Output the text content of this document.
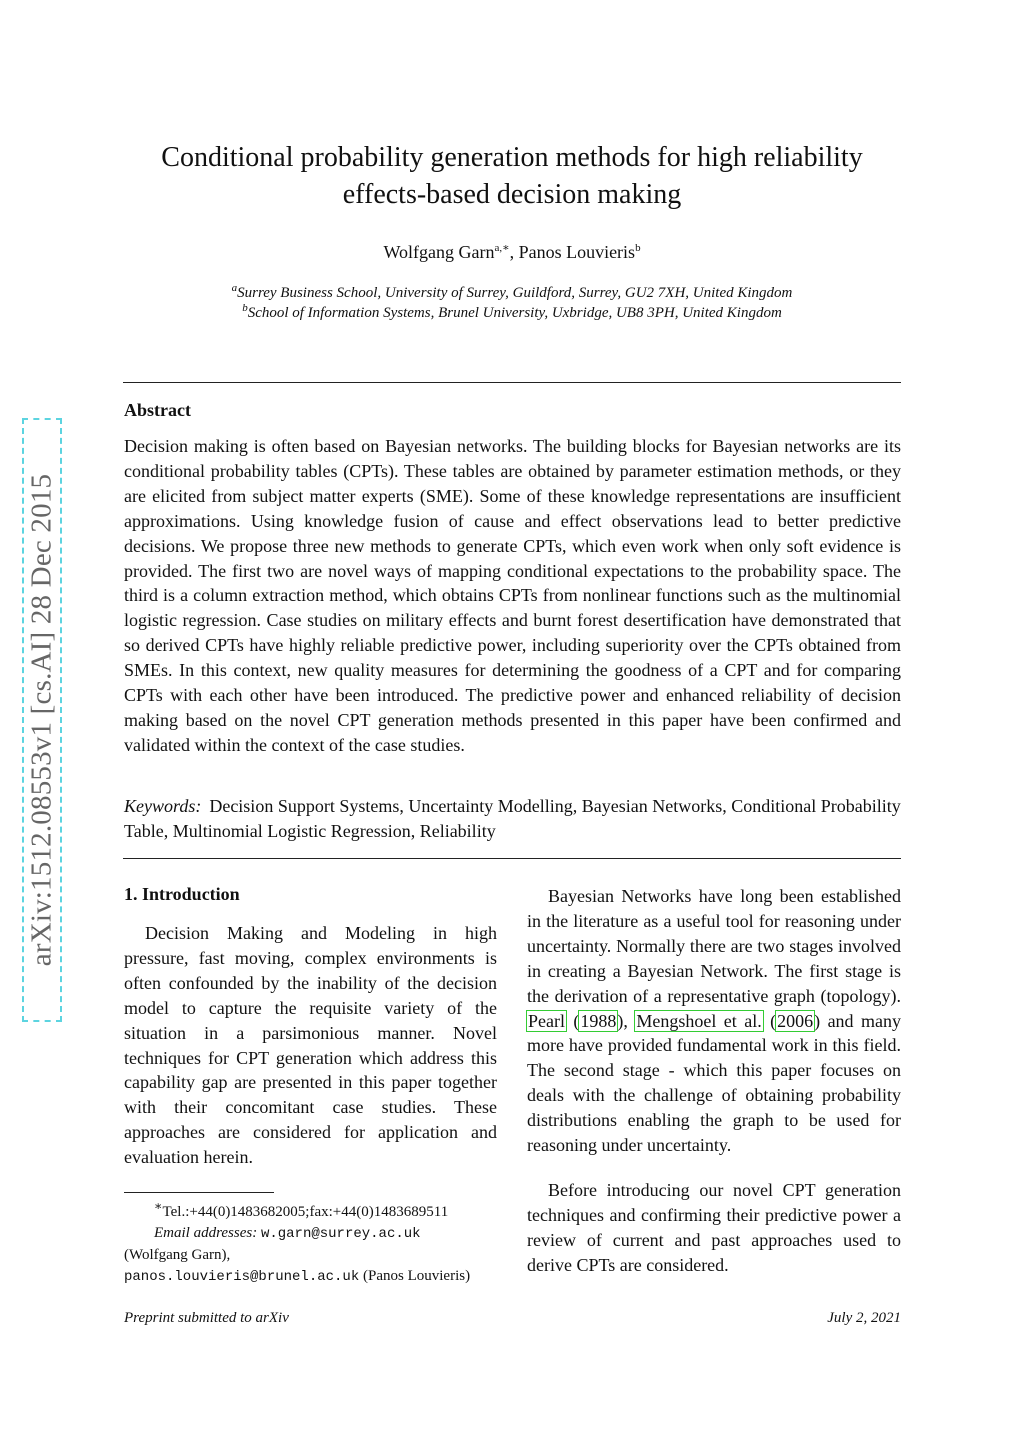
arXiv:1512.08553v1 [cs.AI] 28 Dec 2015
Conditional probability generation methods for high reliability
effects-based decision making
Wolfgang Garn$^{a,∗}$, Panos Louvieris$^b$
$^a$Surrey Business School, University of Surrey, Guildford, Surrey, GU2 7XH, United Kingdom
$^b$School of Information Systems, Brunel University, Uxbridge, UB8 3PH, United Kingdom
Abstract

Decision making is often based on Bayesian networks. The building blocks for Bayesian networks are its conditional probability tables (CPTs). These tables are obtained by parameter estimation methods, or they are elicited from subject matter experts (SME). Some of these knowledge representations are insufficient approximations. Using knowledge fusion of cause and effect observations lead to better predictive decisions. We propose three new methods to generate CPTs, which even work when only soft evidence is provided. The first two are novel ways of mapping conditional expectations to the probability space. The third is a column extraction method, which obtains CPTs from nonlinear functions such as the multinomial logistic regression. Case studies on military effects and burnt forest desertification have demonstrated that so derived CPTs have highly reliable predictive power, including superiority over the CPTs obtained from SMEs. In this context, new quality measures for determining the goodness of a CPT and for comparing CPTs with each other have been introduced. The predictive power and enhanced reliability of decision making based on the novel CPT generation methods presented in this paper have been confirmed and validated within the context of the case studies.

Keywords: Decision Support Systems, Uncertainty Modelling, Bayesian Networks, Conditional Probability Table, Multinomial Logistic Regression, Reliability
1. Introduction

Decision Making and Modeling in high pressure, fast moving, complex environments is often confounded by the inability of the decision model to capture the requisite variety of the situation in a parsimonious manner. Novel techniques for CPT generation which address this capability gap are presented in this paper together with their concomitant case studies. These approaches are considered for application and evaluation herein.

Bayesian Networks have long been established in the literature as a useful tool for reasoning under uncertainty. Normally there are two stages involved in creating a Bayesian Network. The first stage is the derivation of a representative graph (topology). Pearl (1988), Mengshoel et al. (2006) and many more have provided fundamental work in this field. The second stage - which this paper focuses on deals with the challenge of obtaining probability distributions enabling the graph to be used for reasoning under uncertainty.

Before introducing our novel CPT generation techniques and confirming their predictive power a review of current and past approaches used to derive CPTs are considered.

∗Tel.:+44(0)1483682005;fax:+44(0)1483689511
Email addresses: w.garn@surrey.ac.uk
(Wolfgang Garn),
panos.louvieris@brunel.ac.uk (Panos Louvieris)
Preprint submitted to arXiv	July 2, 2021
